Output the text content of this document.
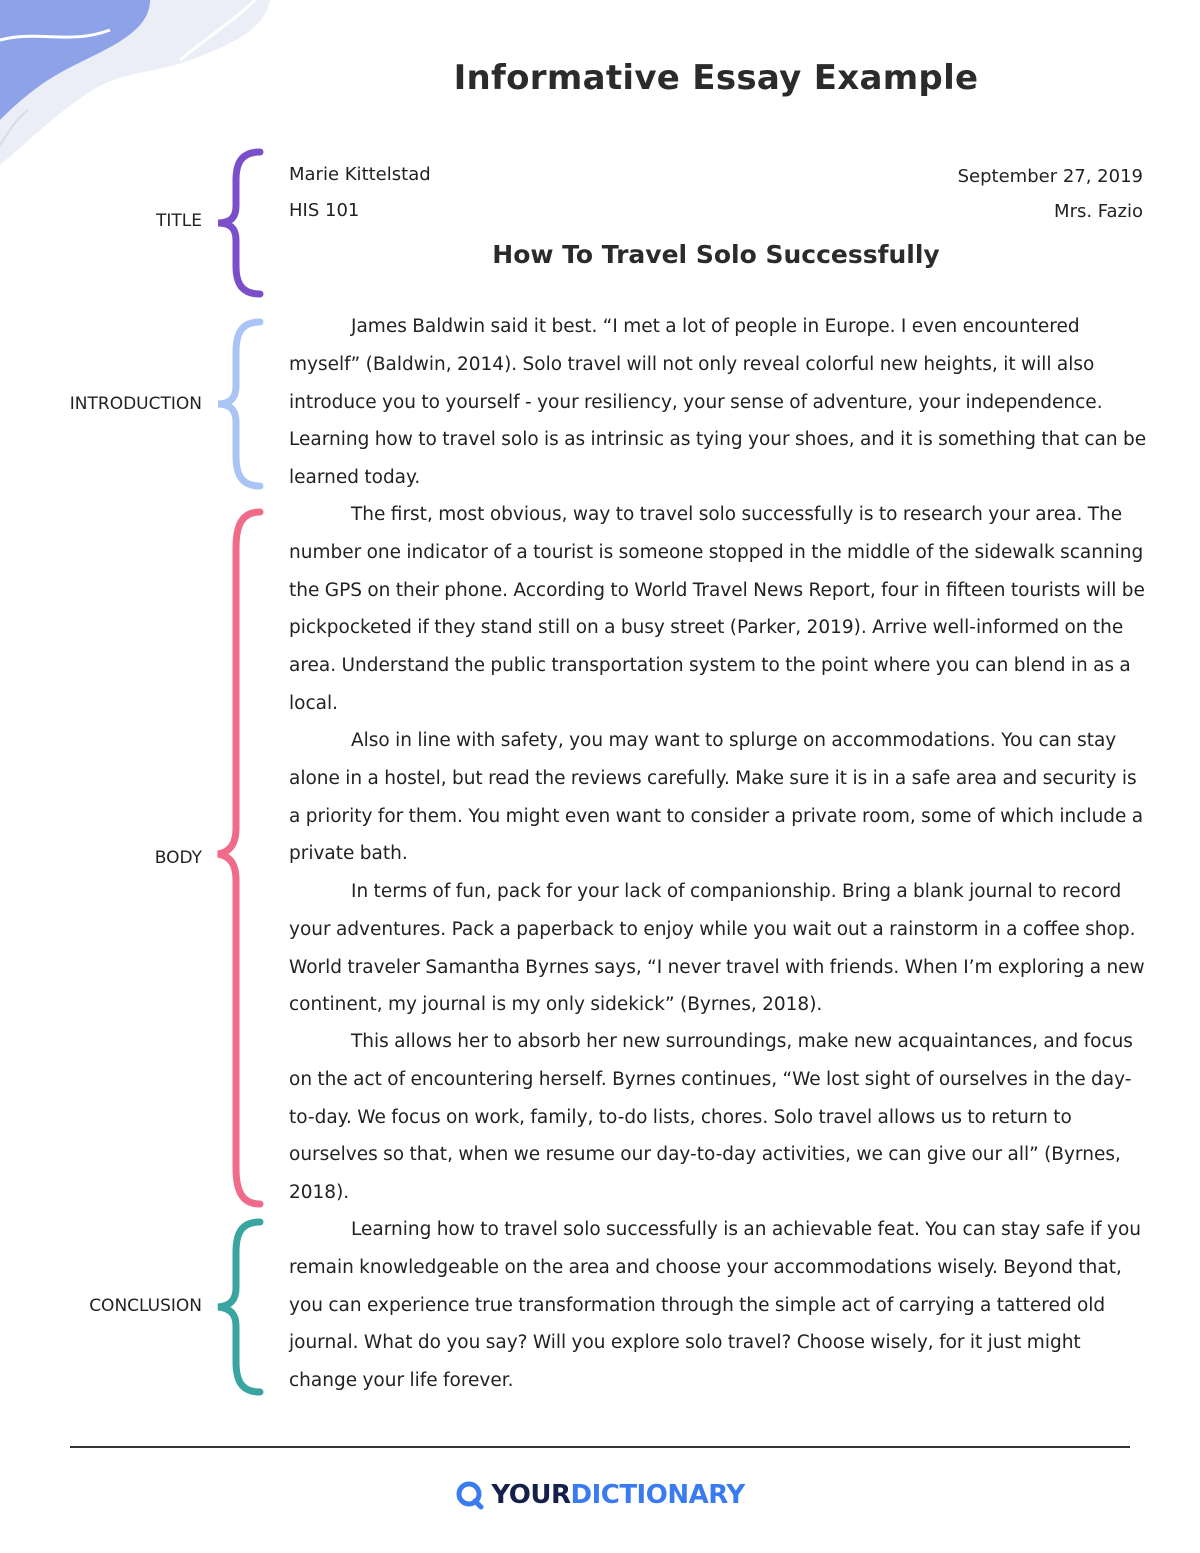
Informative Essay Example
TITLE
INTRODUCTION
BODY
CONCLUSION
Marie Kittelstad
HIS 101
September 27, 2019
Mrs. Fazio
How To Travel Solo Successfully

James Baldwin said it best. “I met a lot of people in Europe. I even encountered myself” (Baldwin, 2014). Solo travel will not only reveal colorful new heights, it will also introduce you to yourself - your resiliency, your sense of adventure, your independence. Learning how to travel solo is as intrinsic as tying your shoes, and it is something that can be learned today.

The first, most obvious, way to travel solo successfully is to research your area. The number one indicator of a tourist is someone stopped in the middle of the sidewalk scanning the GPS on their phone. According to World Travel News Report, four in fifteen tourists will be pickpocketed if they stand still on a busy street (Parker, 2019). Arrive well-informed on the area. Understand the public transportation system to the point where you can blend in as a local.

Also in line with safety, you may want to splurge on accommodations. You can stay alone in a hostel, but read the reviews carefully. Make sure it is in a safe area and security is a priority for them. You might even want to consider a private room, some of which include a private bath.

In terms of fun, pack for your lack of companionship. Bring a blank journal to record your adventures. Pack a paperback to enjoy while you wait out a rainstorm in a coffee shop. World traveler Samantha Byrnes says, “I never travel with friends. When I’m exploring a new continent, my journal is my only sidekick” (Byrnes, 2018).

This allows her to absorb her new surroundings, make new acquaintances, and focus on the act of encountering herself. Byrnes continues, “We lost sight of ourselves in the day-to-day. We focus on work, family, to-do lists, chores. Solo travel allows us to return to ourselves so that, when we resume our day-to-day activities, we can give our all” (Byrnes, 2018).

Learning how to travel solo successfully is an achievable feat. You can stay safe if you remain knowledgeable on the area and choose your accommodations wisely. Beyond that, you can experience true transformation through the simple act of carrying a tattered old journal. What do you say? Will you explore solo travel? Choose wisely, for it just might change your life forever.

YOURDICTIONARY
